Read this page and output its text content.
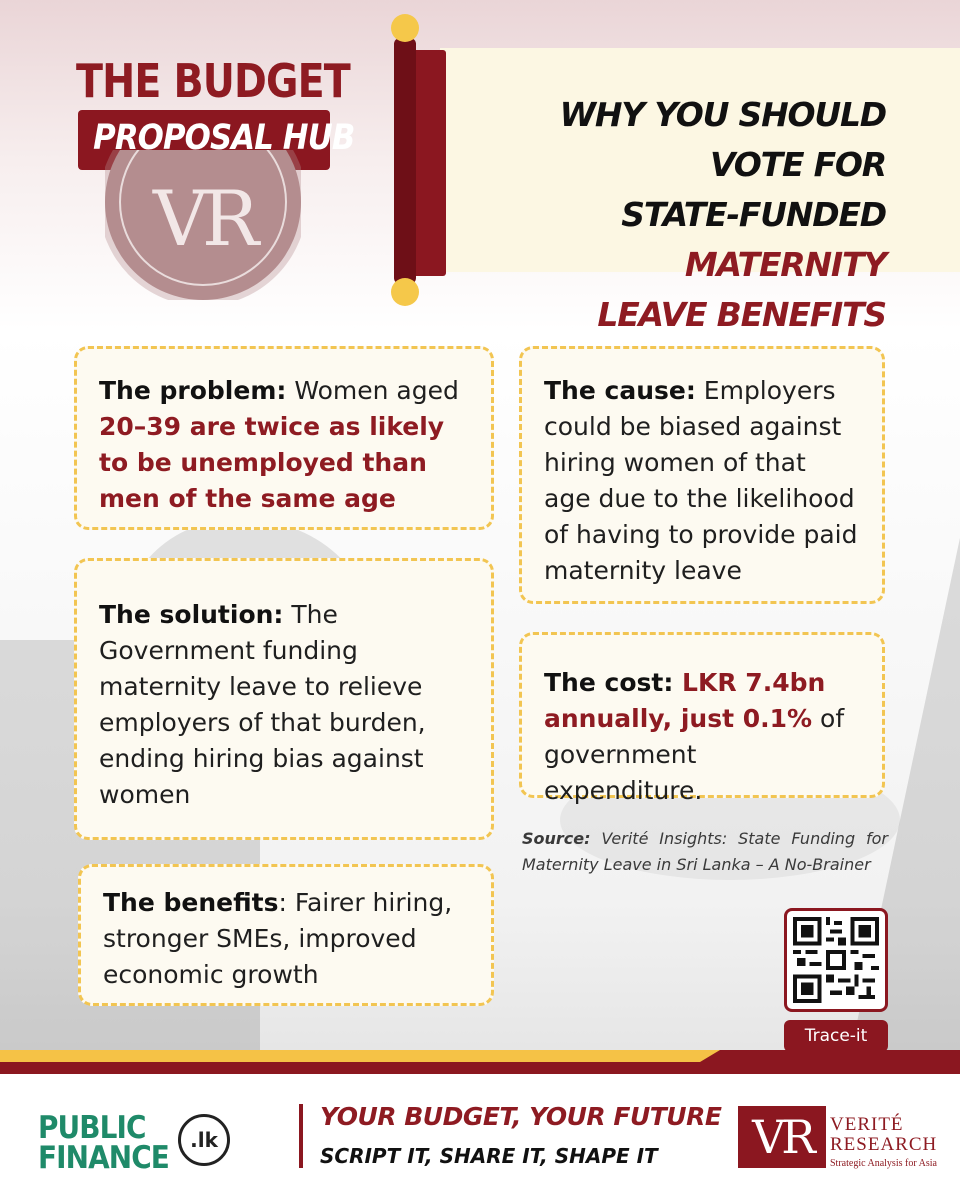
THE BUDGET
PROPOSAL HUB
VR
WHY YOU SHOULD VOTE FOR
STATE-FUNDED MATERNITY
LEAVE BENEFITS
The problem: Women aged 20–39 are twice as likely to be unemployed than men of the same age
The cause: Employers could be biased against hiring women of that age due to the likelihood of having to provide paid maternity leave
The solution: The Government funding maternity leave to relieve employers of that burden, ending hiring bias against women
The cost: LKR 7.4bn annually, just 0.1% of government expenditure.
The benefits: Fairer hiring, stronger SMEs, improved economic growth
Source: Verité Insights: State Funding for Maternity Leave in Sri Lanka – A No-Brainer
Trace-it
PUBLIC
FINANCE	.lk
YOUR BUDGET, YOUR FUTURE
SCRIPT IT, SHARE IT, SHAPE IT	VR VERITÉ
RESEARCH
Strategic Analysis for Asia
